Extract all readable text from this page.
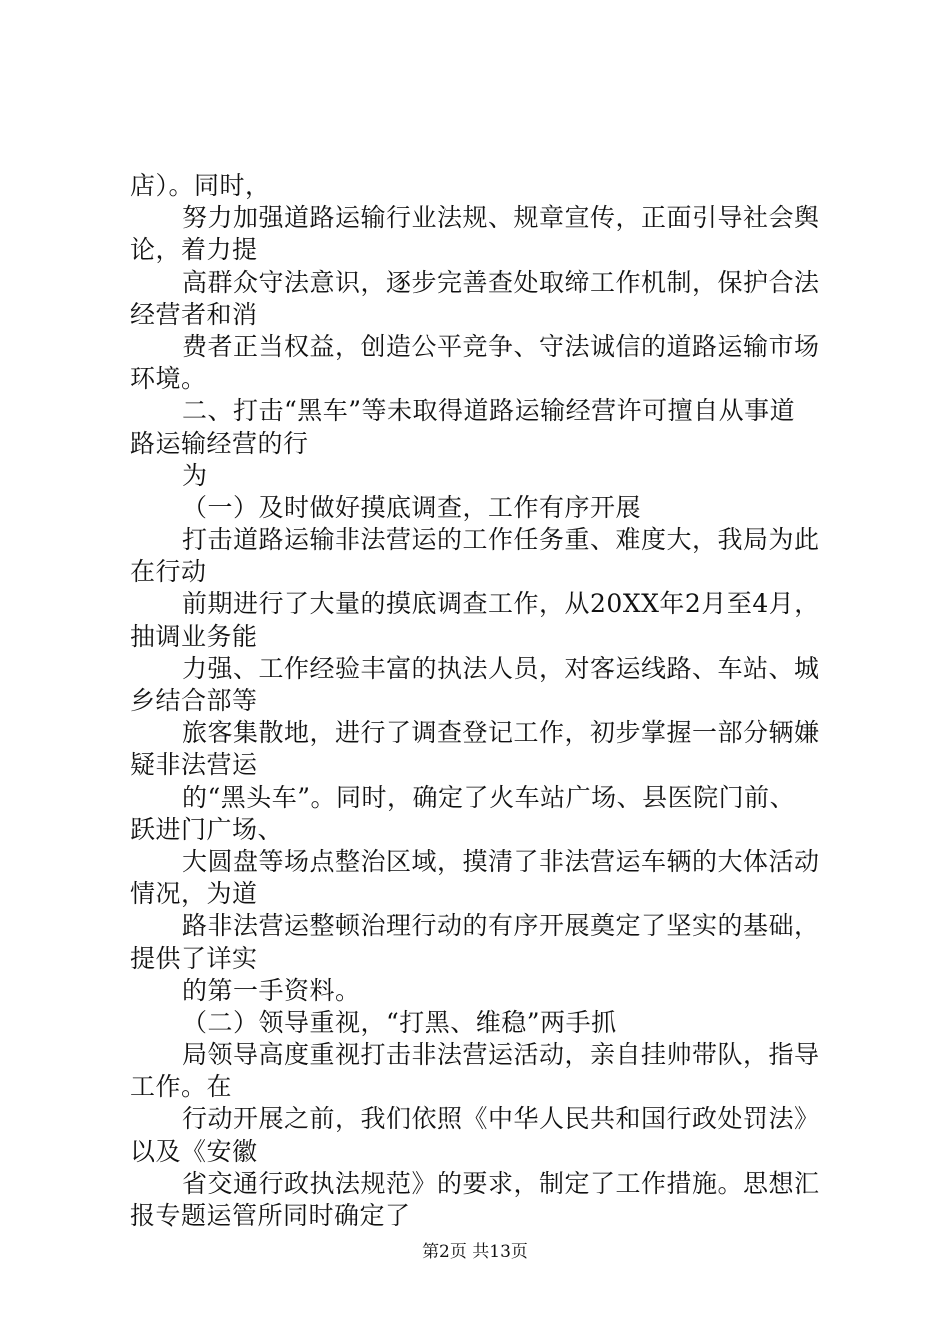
店）。同时，
努力加强道路运输行业法规、规章宣传，正面引导社会舆
论，着力提
高群众守法意识，逐步完善查处取缔工作机制，保护合法
经营者和消
费者正当权益，创造公平竞争、守法诚信的道路运输市场
环境。
二、打击“黑车”等未取得道路运输经营许可擅自从事道
路运输经营的行
为
（一）及时做好摸底调查，工作有序开展
打击道路运输非法营运的工作任务重、难度大，我局为此
在行动
前期进行了大量的摸底调查工作，从20XX年2月至4月，
抽调业务能
力强、工作经验丰富的执法人员，对客运线路、车站、城
乡结合部等
旅客集散地，进行了调查登记工作，初步掌握一部分辆嫌
疑非法营运
的“黑头车”。同时，确定了火车站广场、县医院门前、
跃进门广场、
大圆盘等场点整治区域，摸清了非法营运车辆的大体活动
情况，为道
路非法营运整顿治理行动的有序开展奠定了坚实的基础，
提供了详实
的第一手资料。
（二）领导重视，“打黑、维稳”两手抓
局领导高度重视打击非法营运活动，亲自挂帅带队，指导
工作。在
行动开展之前，我们依照《中华人民共和国行政处罚法》
以及《安徽
省交通行政执法规范》的要求，制定了工作措施。思想汇
报专题运管所同时确定了
第2页 共13页
